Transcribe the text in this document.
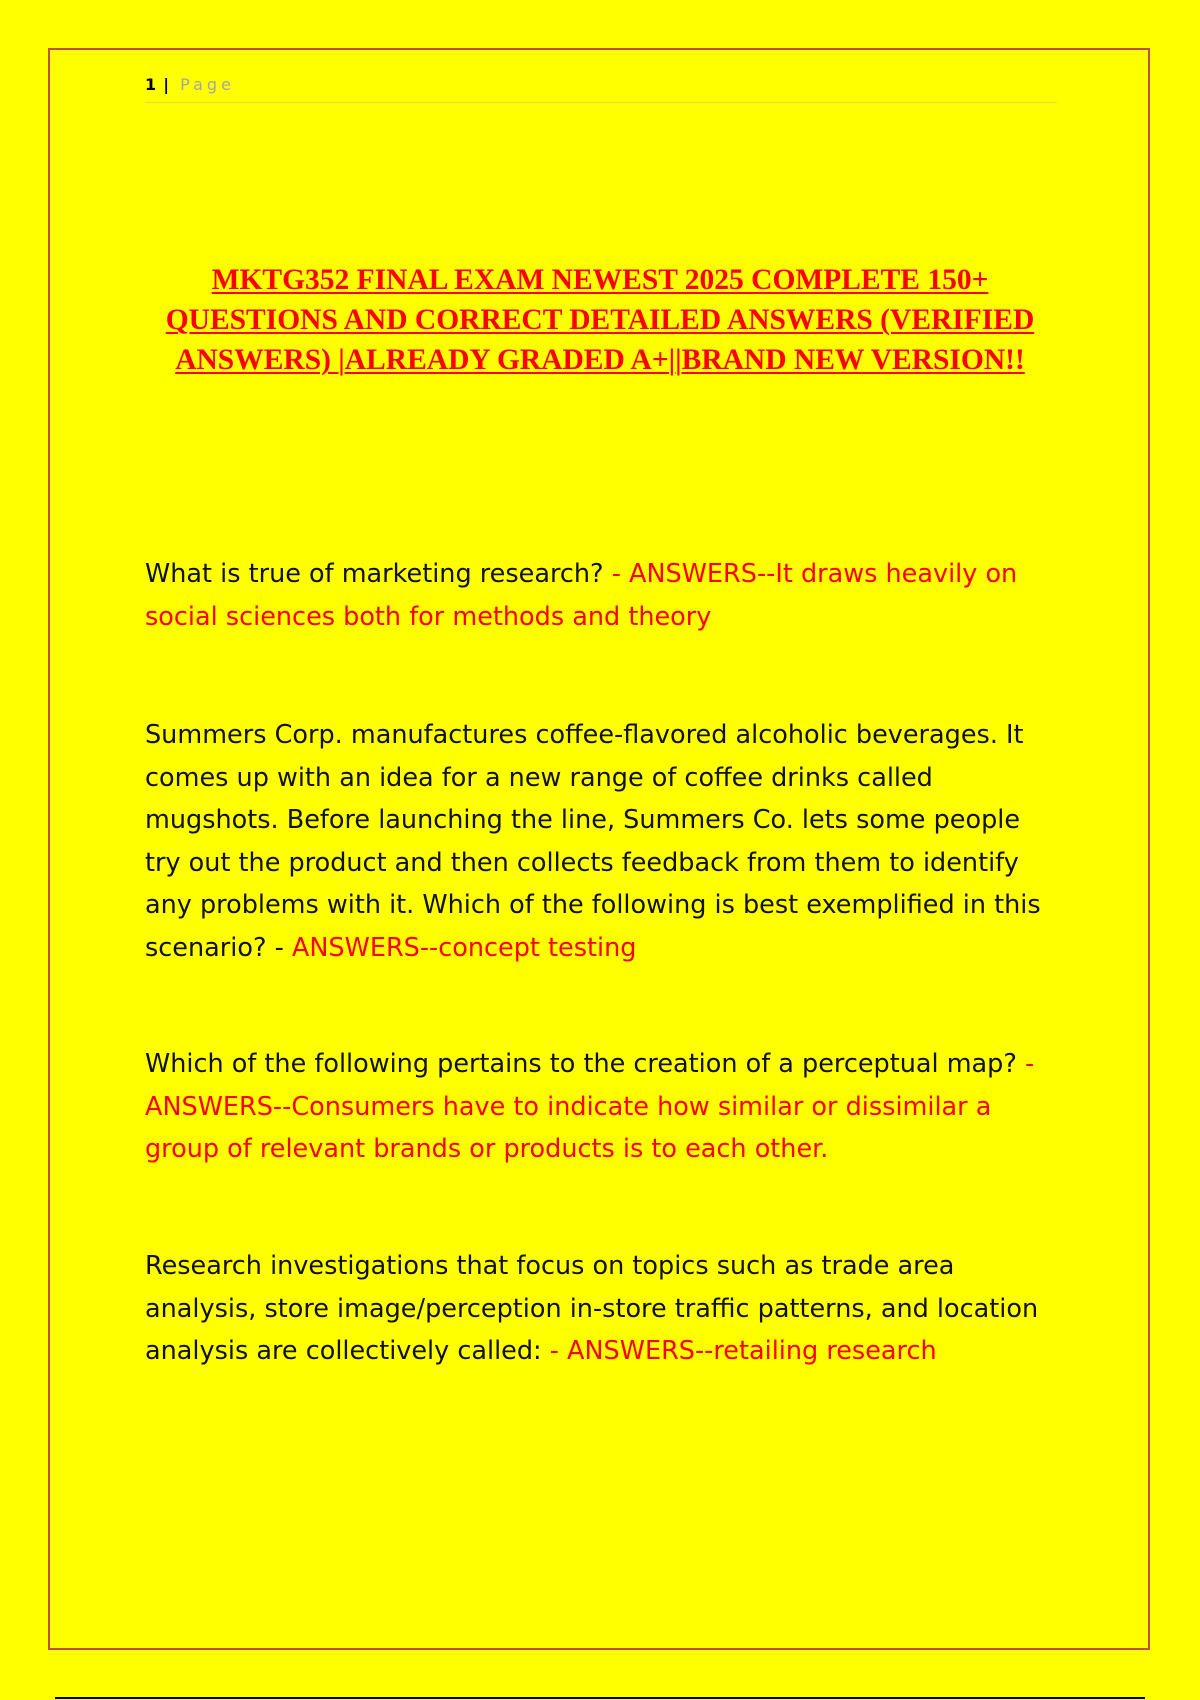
1 | Page
MKTG352 FINAL EXAM NEWEST 2025 COMPLETE 150+ QUESTIONS AND CORRECT DETAILED ANSWERS (VERIFIED ANSWERS) |ALREADY GRADED A+||BRAND NEW VERSION!!

What is true of marketing research? - ANSWERS--It draws heavily on social sciences both for methods and theory

Summers Corp. manufactures coffee-flavored alcoholic beverages. It comes up with an idea for a new range of coffee drinks called mugshots. Before launching the line, Summers Co. lets some people try out the product and then collects feedback from them to identify any problems with it. Which of the following is best exemplified in this scenario? - ANSWERS--concept testing

Which of the following pertains to the creation of a perceptual map? - ANSWERS--Consumers have to indicate how similar or dissimilar a group of relevant brands or products is to each other.

Research investigations that focus on topics such as trade area analysis, store image/perception in-store traffic patterns, and location analysis are collectively called: - ANSWERS--retailing research
